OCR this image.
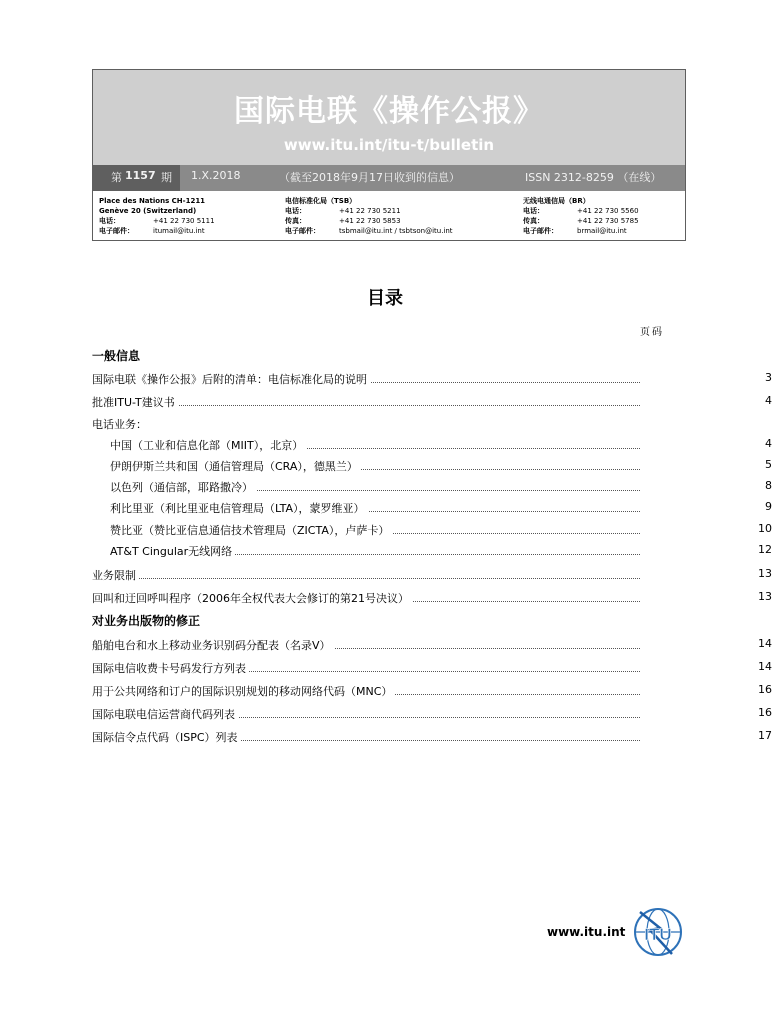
国际电联《操作公报》
www.itu.int/itu-t/bulletin
第 1157 期 1.X.2018	（截至2018年9月17日收到的信息）	ISSN 2312-8259 （在线）
Place des Nations CH-1211
Genève 20 (Switzerland)
电话：	+41 22 730 5111
电子邮件：	itumail@itu.int
电信标准化局（TSB）
电话：	+41 22 730 5211
传真：	+41 22 730 5853
电子邮件：	tsbmail@itu.int / tsbtson@itu.int
无线电通信局（BR）
电话：	+41 22 730 5560
传真：	+41 22 730 5785
电子邮件：	brmail@itu.int
目录
页码
一般信息
国际电联《操作公报》后附的清单：电信标准化局的说明	3
批准ITU-T建议书	4
电话业务：
中国（工业和信息化部（MIIT），北京）	4
伊朗伊斯兰共和国（通信管理局（CRA），德黑兰）	5
以色列（通信部，耶路撒冷）	8
利比里亚（利比里亚电信管理局（LTA），蒙罗维亚）	9
赞比亚（赞比亚信息通信技术管理局（ZICTA），卢萨卡）	10
AT&T Cingular无线网络	12
业务限制	13
回叫和迂回呼叫程序（2006年全权代表大会修订的第21号决议）	13
对业务出版物的修正
船舶电台和水上移动业务识别码分配表（名录V）	14
国际电信收费卡号码发行方列表	14
用于公共网络和订户的国际识别规划的移动网络代码（MNC）	16
国际电联电信运营商代码列表	16
国际信令点代码（ISPC）列表	17
www.itu.int ITU
